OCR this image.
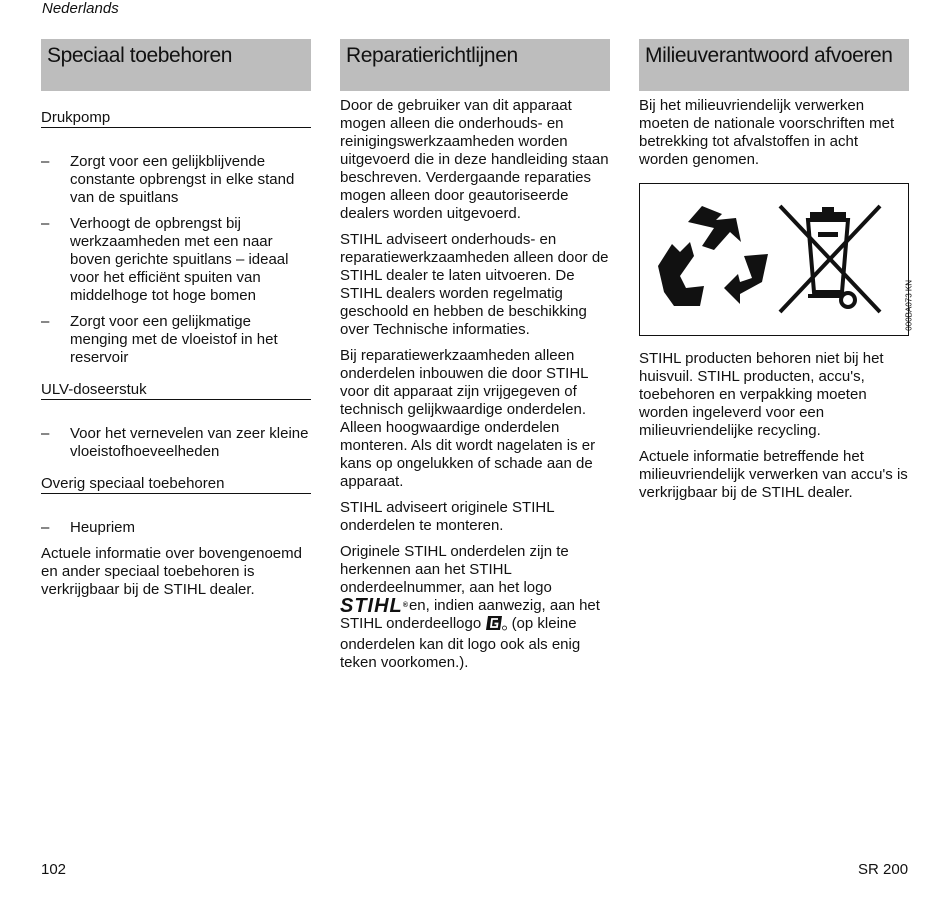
Nederlands
Speciaal toebehoren
Drukpomp
– Zorgt voor een gelijkblijvende constante opbrengst in elke stand van de spuitlans
– Verhoogt de opbrengst bij werkzaamheden met een naar boven gerichte spuitlans – ideaal voor het efficiënt spuiten van middelhoge tot hoge bomen
– Zorgt voor een gelijkmatige menging met de vloeistof in het reservoir
ULV-doseerstuk
– Voor het vernevelen van zeer kleine vloeistofhoeveelheden
Overig speciaal toebehoren
– Heupriem

Actuele informatie over bovengenoemd en ander speciaal toebehoren is verkrijgbaar bij de STIHL dealer.

Reparatierichtlijnen

Door de gebruiker van dit apparaat mogen alleen die onderhouds- en reinigingswerkzaamheden worden uitgevoerd die in deze handleiding staan beschreven. Verdergaande reparaties mogen alleen door geautoriseerde dealers worden uitgevoerd.

STIHL adviseert onderhouds- en reparatiewerkzaamheden alleen door de STIHL dealer te laten uitvoeren. De STIHL dealers worden regelmatig geschoold en hebben de beschikking over Technische informaties.

Bij reparatiewerkzaamheden alleen onderdelen inbouwen die door STIHL voor dit apparaat zijn vrijgegeven of technisch gelijkwaardige onderdelen. Alleen hoogwaardige onderdelen monteren. Als dit wordt nagelaten is er kans op ongelukken of schade aan de apparaat.

STIHL adviseert originele STIHL onderdelen te monteren.

Originele STIHL onderdelen zijn te herkennen aan het STIHL onderdeelnummer, aan het logo STIHL®en, indien aanwezig, aan het STIHL onderdeellogo (op kleine onderdelen kan dit logo ook als enig teken voorkomen.).

Milieuverantwoord afvoeren

Bij het milieuvriendelijk verwerken moeten de nationale voorschriften met betrekking tot afvalstoffen in acht worden genomen.

000BA073 KN

STIHL producten behoren niet bij het huisvuil. STIHL producten, accu's, toebehoren en verpakking moeten worden ingeleverd voor een milieuvriendelijke recycling.

Actuele informatie betreffende het milieuvriendelijk verwerken van accu's is verkrijgbaar bij de STIHL dealer.

102	SR 200
